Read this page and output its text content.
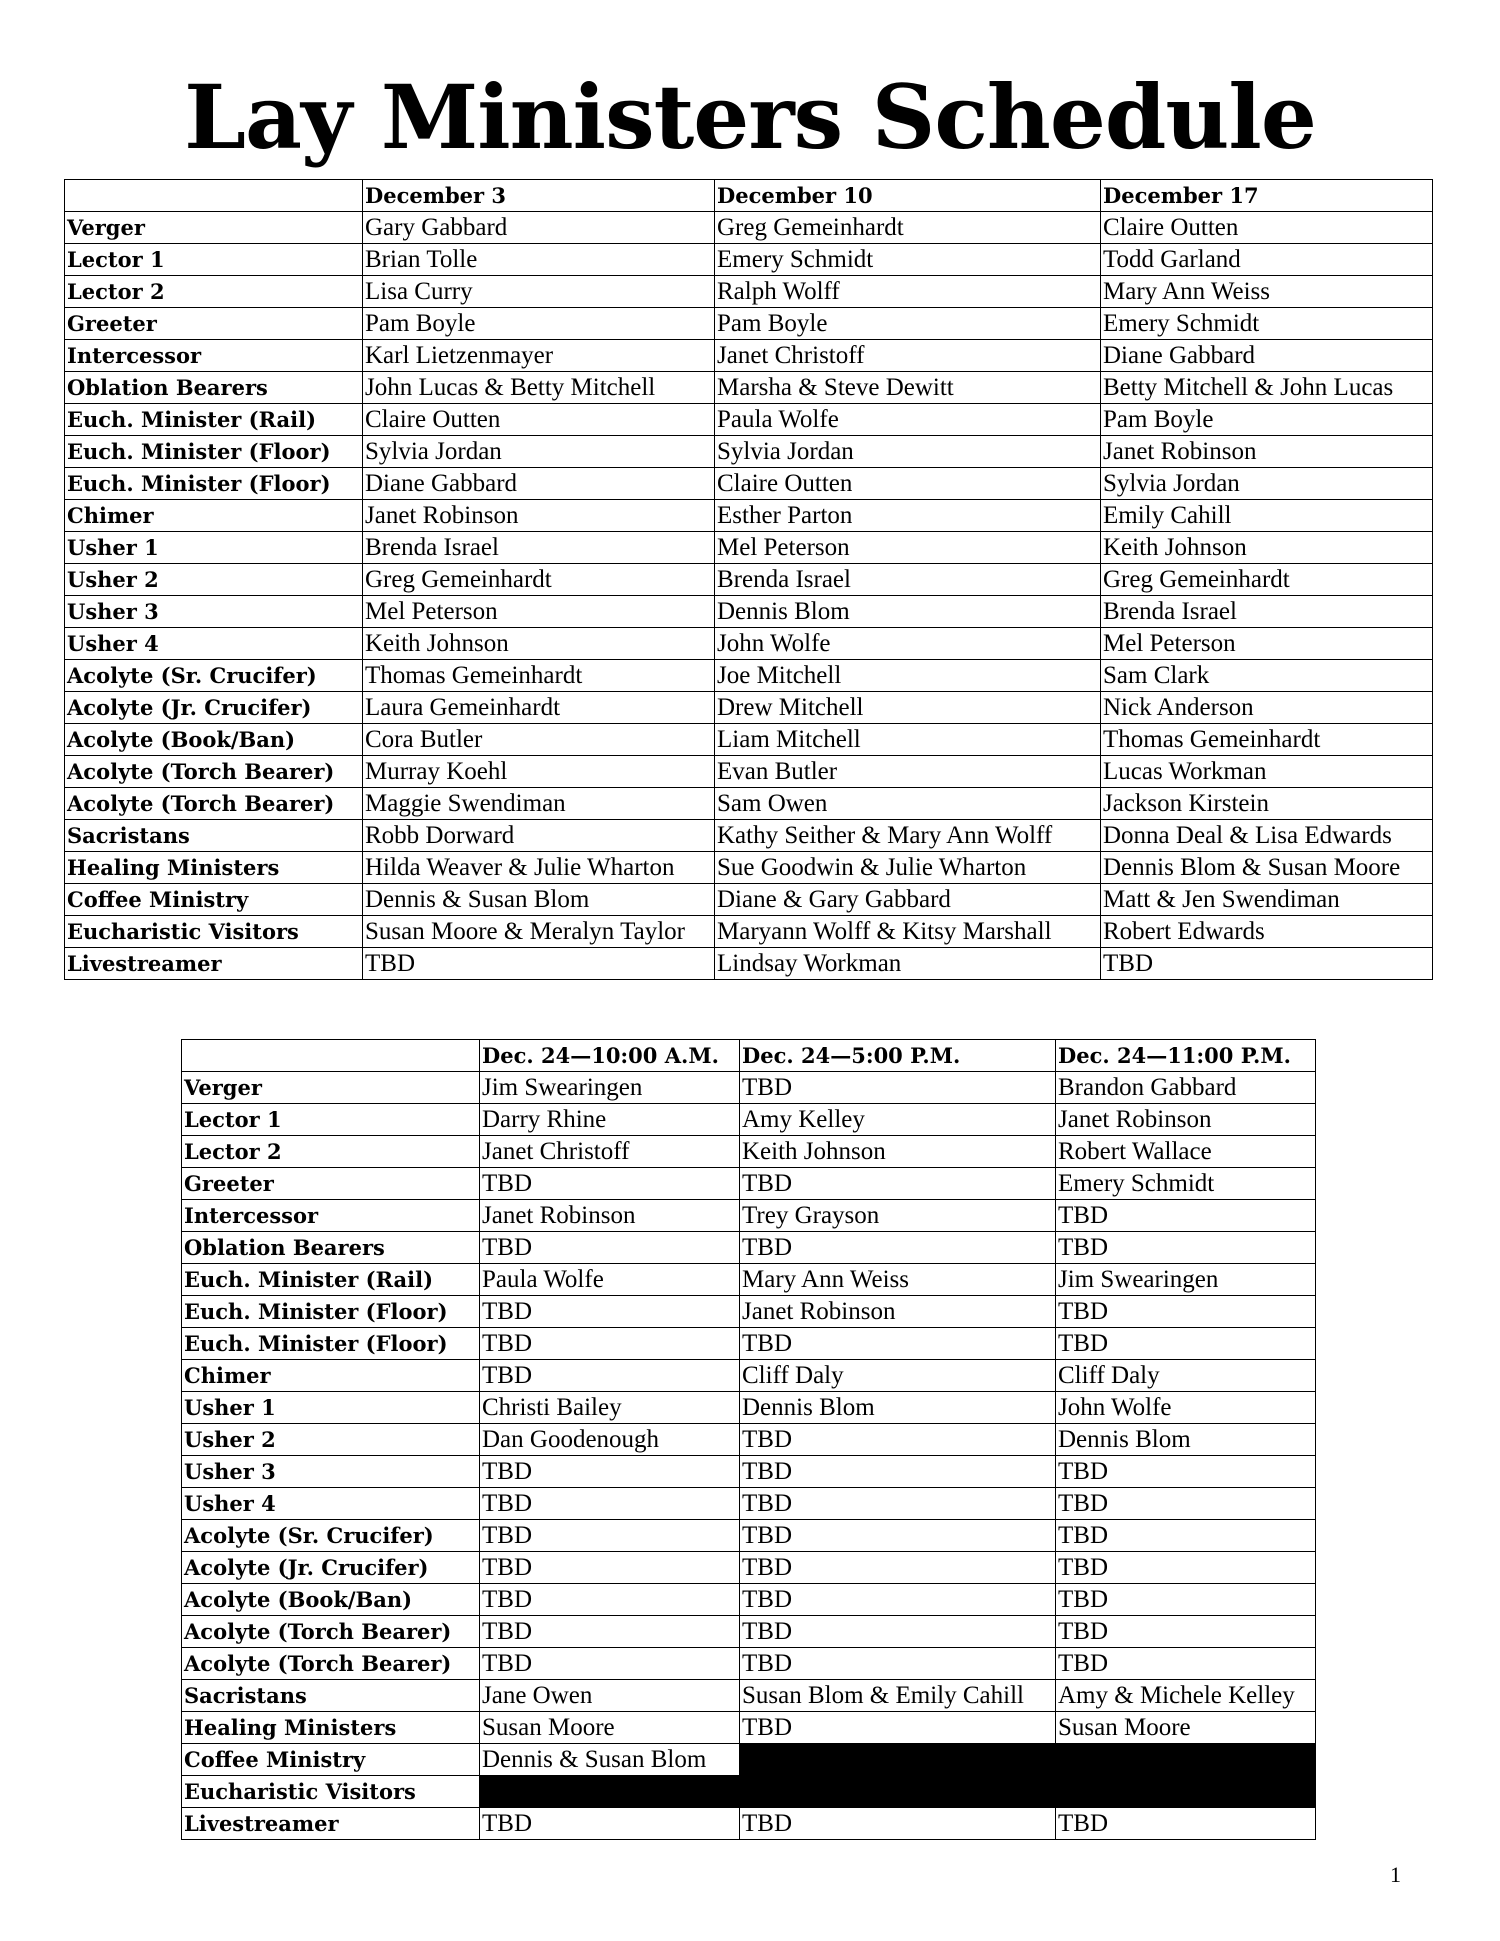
Lay Ministers Schedule
	December 3	December 10	December 17
Verger	Gary Gabbard	Greg Gemeinhardt	Claire Outten
Lector 1	Brian Tolle	Emery Schmidt	Todd Garland
Lector 2	Lisa Curry	Ralph Wolff	Mary Ann Weiss
Greeter	Pam Boyle	Pam Boyle	Emery Schmidt
Intercessor	Karl Lietzenmayer	Janet Christoff	Diane Gabbard
Oblation Bearers	John Lucas & Betty Mitchell	Marsha & Steve Dewitt	Betty Mitchell & John Lucas
Euch. Minister (Rail)	Claire Outten	Paula Wolfe	Pam Boyle
Euch. Minister (Floor)	Sylvia Jordan	Sylvia Jordan	Janet Robinson
Euch. Minister (Floor)	Diane Gabbard	Claire Outten	Sylvia Jordan
Chimer	Janet Robinson	Esther Parton	Emily Cahill
Usher 1	Brenda Israel	Mel Peterson	Keith Johnson
Usher 2	Greg Gemeinhardt	Brenda Israel	Greg Gemeinhardt
Usher 3	Mel Peterson	Dennis Blom	Brenda Israel
Usher 4	Keith Johnson	John Wolfe	Mel Peterson
Acolyte (Sr. Crucifer)	Thomas Gemeinhardt	Joe Mitchell	Sam Clark
Acolyte (Jr. Crucifer)	Laura Gemeinhardt	Drew Mitchell	Nick Anderson
Acolyte (Book/Ban)	Cora Butler	Liam Mitchell	Thomas Gemeinhardt
Acolyte (Torch Bearer)	Murray Koehl	Evan Butler	Lucas Workman
Acolyte (Torch Bearer)	Maggie Swendiman	Sam Owen	Jackson Kirstein
Sacristans	Robb Dorward	Kathy Seither & Mary Ann Wolff	Donna Deal & Lisa Edwards
Healing Ministers	Hilda Weaver & Julie Wharton	Sue Goodwin & Julie Wharton	Dennis Blom & Susan Moore
Coffee Ministry	Dennis & Susan Blom	Diane & Gary Gabbard	Matt & Jen Swendiman
Eucharistic Visitors	Susan Moore & Meralyn Taylor	Maryann Wolff & Kitsy Marshall	Robert Edwards
Livestreamer	TBD	Lindsay Workman	TBD
	Dec. 24—10:00 A.M.	Dec. 24—5:00 P.M.	Dec. 24—11:00 P.M.
Verger	Jim Swearingen	TBD	Brandon Gabbard
Lector 1	Darry Rhine	Amy Kelley	Janet Robinson
Lector 2	Janet Christoff	Keith Johnson	Robert Wallace
Greeter	TBD	TBD	Emery Schmidt
Intercessor	Janet Robinson	Trey Grayson	TBD
Oblation Bearers	TBD	TBD	TBD
Euch. Minister (Rail)	Paula Wolfe	Mary Ann Weiss	Jim Swearingen
Euch. Minister (Floor)	TBD	Janet Robinson	TBD
Euch. Minister (Floor)	TBD	TBD	TBD
Chimer	TBD	Cliff Daly	Cliff Daly
Usher 1	Christi Bailey	Dennis Blom	John Wolfe
Usher 2	Dan Goodenough	TBD	Dennis Blom
Usher 3	TBD	TBD	TBD
Usher 4	TBD	TBD	TBD
Acolyte (Sr. Crucifer)	TBD	TBD	TBD
Acolyte (Jr. Crucifer)	TBD	TBD	TBD
Acolyte (Book/Ban)	TBD	TBD	TBD
Acolyte (Torch Bearer)	TBD	TBD	TBD
Acolyte (Torch Bearer)	TBD	TBD	TBD
Sacristans	Jane Owen	Susan Blom & Emily Cahill	Amy & Michele Kelley
Healing Ministers	Susan Moore	TBD	Susan Moore
Coffee Ministry	Dennis & Susan Blom		
Eucharistic Visitors			
Livestreamer	TBD	TBD	TBD
1
